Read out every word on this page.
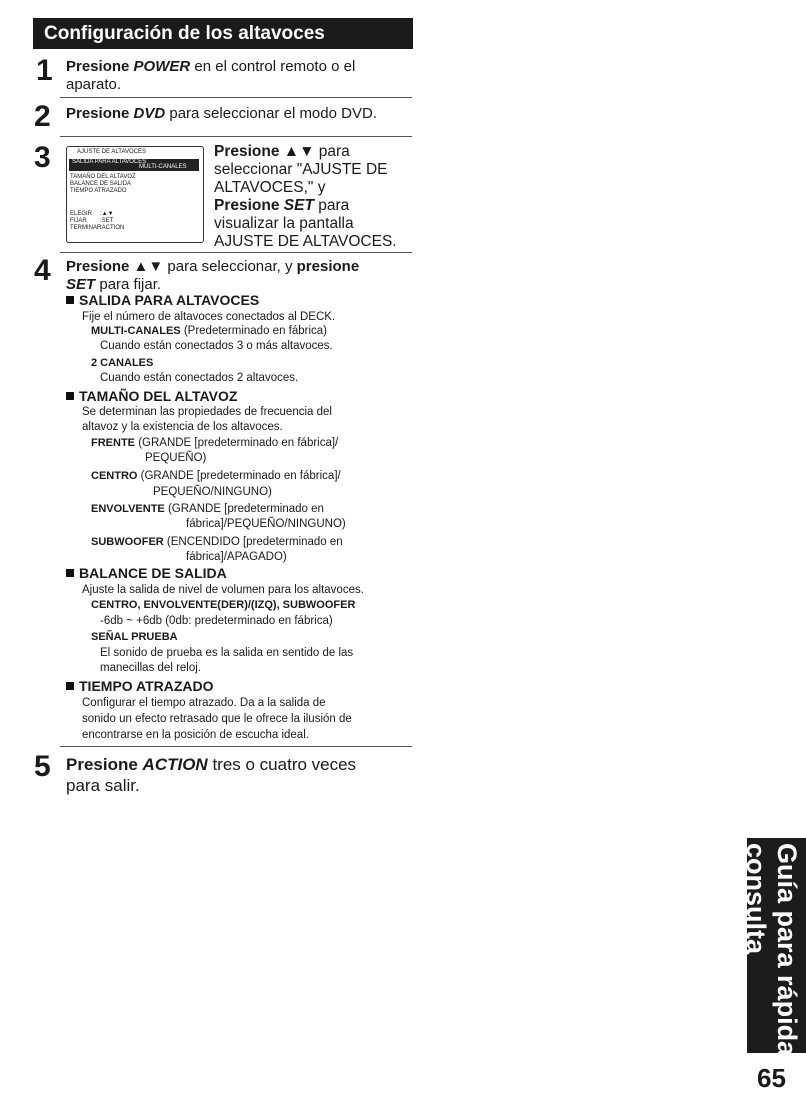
Configuración de los altavoces
1 Presione POWER en el control remoto o el
aparato.
2 Presione DVD para seleccionar el modo DVD.
3	AJUSTE DE ALTAVOCES
SALIDA PARA ALTAVOCES
MULTI-CANALES
TAMAÑO DEL ALTAVOZ
BALANCE DE SALIDA
TIEMPO ATRAZADO
ELEGIR :▲▼
FIJAR :SET
TERMINAR
:ACTION
Presione ▲▼ para
seleccionar "AJUSTE DE
ALTAVOCES," y
Presione SET para
visualizar la pantalla
AJUSTE DE ALTAVOCES.
4 Presione ▲▼ para seleccionar, y presione
SET para fijar.
SALIDA PARA ALTAVOCES
Fije el número de altavoces conectados al DECK.
MULTI-CANALES (Predeterminado en fábrica)
Cuando están conectados 3 o más altavoces.
2 CANALES
Cuando están conectados 2 altavoces.
TAMAÑO DEL ALTAVOZ
Se determinan las propiedades de frecuencia del
altavoz y la existencia de los altavoces.
FRENTE (GRANDE [predeterminado en fábrica]/
PEQUEÑO)
CENTRO (GRANDE [predeterminado en fábrica]/
PEQUEÑO/NINGUNO)
ENVOLVENTE (GRANDE [predeterminado en
fábrica]/PEQUEÑO/NINGUNO)
SUBWOOFER (ENCENDIDO [predeterminado en
fábrica]/APAGADO)
BALANCE DE SALIDA
Ajuste la salida de nivel de volumen para los altavoces.
CENTRO, ENVOLVENTE(DER)/(IZQ), SUBWOOFER
-6db ~ +6db (0db: predeterminado en fábrica)
SEÑAL PRUEBA
El sonido de prueba es la salida en sentido de las
manecillas del reloj.
TIEMPO ATRAZADO
Configurar el tiempo atrazado. Da a la salida de
sonido un efecto retrasado que le ofrece la ilusión de
encontrarse en la posición de escucha ideal.
5 Presione ACTION tres o cuatro veces
para salir.
Guía para rápida
consulta
65
